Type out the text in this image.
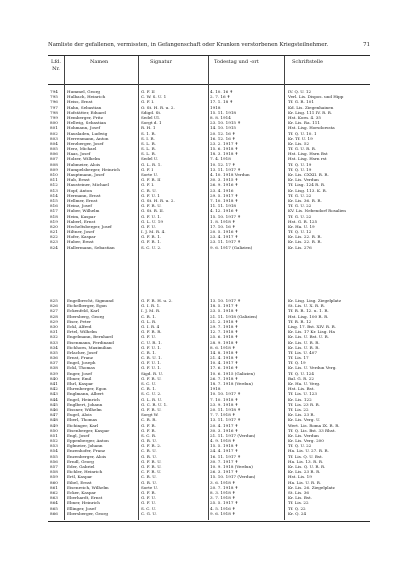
Namliste der gefallenen, vermissten, in Gefangenschaft oder Kranken verstorbenen Kriegsteilnehmer.	71
Lfd. Nr.
Namen	Signatur	Todestag und -ort	Schriftstelle
794	Hummel, Georg	G. F. II	4. 10. 16 ✝	IV. Q. U. 12
795	Hulbach, Heinrich	C. W. S. U. 1	2. 7. 16 ✝	Verl. Lis. Dispos. und Hipp
796	Heiss, Ernst	G. F. I.	17. 1. 18 ✝	Tf. G. R. 101
797	Hahn, Sebastian	O. St. H. R. u. 2.	1918	Kd. Lis. Ziegenhainen
798	Hofstätter, Eduard	Sdigd. St.	15. 11. 1918	Kr. Lisg. 111 IV. R. R.
799	Hemberger, Fritz	Sedel Ul.	8. 8. 1914	Hst. Korn. 4. 35
800	Hellwig, Sebastian	Sorgt d. 1	23. 10. 1915 ✝	Kr. Lis. Ra. 111
801	Hohmann, Josef	R. H. 1	14. 10. 1915	Hst. Lisg. Horsdorssta
802	Hausladen, Ludwig	S. 1. R.	20. 12. 16 ✝	Tf. Q. U. 10. 1
803	Herrenmann, Anton	S. I. R.	16. 12. 16 ✝	Kr. Tf. U. 19
804	Herzberger, Josef	S. L. R.	23. 2. 1917 ✝	Kr. Lis. 52
805	Herz, Michael	S. L. R.	15. 6. 1918 ✝	Tf. G. U. R. R.
806	Haas, Josef	S. L. R.	18. 3. 1918 ✝	Hst. Lisg. Hsrn Bst
807	Holzer, Wilhelm	Sedel U.	7. 4. 1918	Hst. Lisg. Hsrn rst
808	Hubmeier, Alois	G. L. R. 1.	10. 12. 17 ✝	Tf. Q. U. 19
809	Humpelsberger, Heinrich	G. F. I	13. 11. 1917 ✝	Tf. Q. U. 19
810	Hauptmann, Josef	Sorte U.	4. 10. 1918 Verdun	Kr. Lis. CXXII. R. R.
811	Hub, Ernst	G. F. R. II	30. 3. 1915 ✝	Kr. Lis. Verdun
812	Hausteiner, Michael	G. F. I.	26. 9. 1916 ✝	Tf. Lisg. 124 R. R.
813	Hopf, Anton	C. R. U.	23. 4. 1916	Kr. Lisg. 113. K. R.
814	Hermann, Ernst	G. F. U. 1	29. 5. 1917 ✝	Tf. G. U. 22
815	Hellmer, Ernst	G. St. H. R. u. 2.	7. 10. 1918 ✝	Kr. Lis. 36. R. R.
816	Heinz, Josef	G. F. R. U.	11. 11. 1918	Tf. G. U. 22
817	Huber, Wilhelm	G. St. R. II.	4. 12. 1916 ✝	KV. Lis. Nebendorf Rosalien
818	Heim, Kaspar	G. F. U. 1.	15. 10. 1917 ✝	Tf. G. U. 22
819	Haberl, Ernst	G. L. U. 19	1. 8. 1918 ✝	Hst. G. R. 125
820	Hecheltsberger, Josef	G. F. U.	17. 10. 16 ✝	Kr. Ha. U. 19
821	Hiltner, Josef	I. J. M. R. 4.	20. 5. 1916 ✝	Tf. Q. U. 12
822	Hofer, Kaspar	G. F. R. 1.	23. 4. 1917 ✝	Kr. Lis. 22. R. R.
823	Huber, Ernst	G. F. R. 1.	23. 11. 1917 ✝	Kr. Lis. 22. R. R.
824	Hallermann, Sebastian	S. C. U. 2.	9. 6. 1917 (Galizien)	Kr. Lis. 276
825	Engelbrecht, Sigmund	G. F. R. H. u. 2.	13. 10. 1917 ✝	Kr. Lisg. Lisg. Ziegelplatz
826	Eichelberger, Egon	G. I. R. 1.	18. 5. 1917 ✝	St. Lis. U. X. R. R.
827	Eckenfeld, Karl	I. J. M. R.	23. 5. 1918 ✝	Tf. R. R. 12. u. 1. R.
828	Ebersberg, Georg	C. R. 1.	21. 11. 1918 (Galizien)	Hst. Lisg. 100 R. R.
829	Eiser, Peter	G. L. R.	21. 2. 1918 ✝	Tf. R. R. 12
830	Eckl, Alfred	G. I. R. 4	29. 7. 1918 ✝	Lisg. 17. Bst. XIV. R. R.
831	Ertel, Wilhelm	G. F. R. R.	12. 7. 1918 ✝	Kr. Lis. 17 Kr. Lisg. Ha
832	Engelmann, Bernhard	G. F. U.	25. 6. 1918 ✝	Kr. Lis. U. Bst. U. R.
833	Eisenmann, Ferdinand	C. U. R. 1.	28. 9. 1918 ✝	Kr. Lis. U. R. R.
834	Eichhorn, Maximilian	G. F. U. 1.	8. 6. 1918 ✝	Kr. Lis. U. R. R.
835	Erlacher, Josef	C. R. 1.	14. 8. 1918 ✝	Tf. Lis. U. 407
836	Ernst, Franz	C. R. U. 1.	21. 4. 1918 ✝	Tf. Lis. 17
837	Engel, Joseph	G. F. U. 1.	10. 4. 1917 ✝	Tf. Q. 19
838	Eckl, Thomas	G. F. U. 1.	17. 6. 1916 ✝	Kr. Lis. U. Verdun Verg.
839	Enger, Josef	Sigd. R. U.	10. 6. 1915 (Galizien)	Tf. Q. U. 124
840	Ebner, Emil	G. F. R. U.	26. 7. 1918 ✝	Bal. G. R. 22
841	Ehrl, Kaspar	S. C. U.	18. 7. 1918 (Verdun)	Kr. Ha. U. Verg.
842	Ehrenberger, Egon	C. R. 1.	1918	Hst. Lis. Bst.
843	Englmann, Albert	S. C. U. 2.	10. 10. 1917 ✝	Tf. Lis. U. 123
844	Engel, Heinrich	G. L. R. U.	7. 10. 1918 ✝	Kr. Lis. 122
845	Englbert, Johann	G. C. R. U. 1.	23. 9. 1918 ✝	Tf. Lis. 23 R. R.
846	Eissner, Wilhelm	G. F. R. U.	20. 11. 1918 ✝	Tf. Lis. 22
847	Eugel, Alois	Sorgt W.	7. 7. 1918 ✝	Kr. Lis. 23 R.
848	Eberl, Thomas	C. R. R.	13. 11. 1917 ✝	Kr. Lis. Verg. U.
849	Eichinger, Karl	G. F. R.	20. 4. 1917 ✝	Wert. Lis. Roma IX. R. R.
850	Eisenberger, Kaspar	G. F. R.	30. 3. 1916 ✝	Tf. Q. Lis. Bst. 33 Rhst.
851	Engl, Josef	S. C. R.	21. 11. 1917 (Verdun)	Kr. Lis. Verdun
852	Eppenberger, Anton	G. R. U.	4. 9. 1918 ✝	Kr. Lis. Verg. 200
853	Eglmeier, Johann	G. F. R. 2.	15. 5. 1918 ✝	Tf. Q. U. 22
854	Enzenhofer, Franz	C. R. U.	24. 4. 1917 ✝	Ha. Lis. U. 27. R. R.
855	Enzenberger, Alois	G. R. U.	16. 11. 1917 ✝	Tf. Lis. Q. U. Bst.
856	Erndl, Georg	G. F. R. U.	30. 7. 1917 ✝	Ha. Lis. 13. R. R.
857	Eder, Gabriel	G. F. R. U.	10. 9. 1918 (Verdun)	Kr. Lis. Q. U. R. R.
858	Eichler, Heinrich	C. F. R. U.	26. 3. 1917 ✝	Kr. Lis. 23 R. R.
859	Ertl, Kaspar	C. R. U.	15. 10. 1917 (Verdun)	Hst. Lis. 19
860	Eibel, Ernst	G. R. U.	3. 6. 1918 ✝	Ha. Lis. U. R. R.
861	Eisenreich, Wilhelm	Sorte U.	20. 7. 1918 ✝	Kr. Lis. 26. Ziegelplatz
862	Ecker, Kaspar	G. F. R.	8. 3. 1918 ✝	St. Lis. 36
863	Eberhardt, Ernst	G. F. U.	3. 7. 1918 ✝	Kr. Lis. Bst.
864	Ebner, Heinrich	G. F. U.	25. 5. 1917 ✝	Tf. Lis. 22
865	Ellinger, Josef	S. C. U.	4. 5. 1916 ✝	Tf. Q. 22
866	Ebersberger, Georg	C. G. U.	9. 6. 1918 ✝	Kr. Q. 24
